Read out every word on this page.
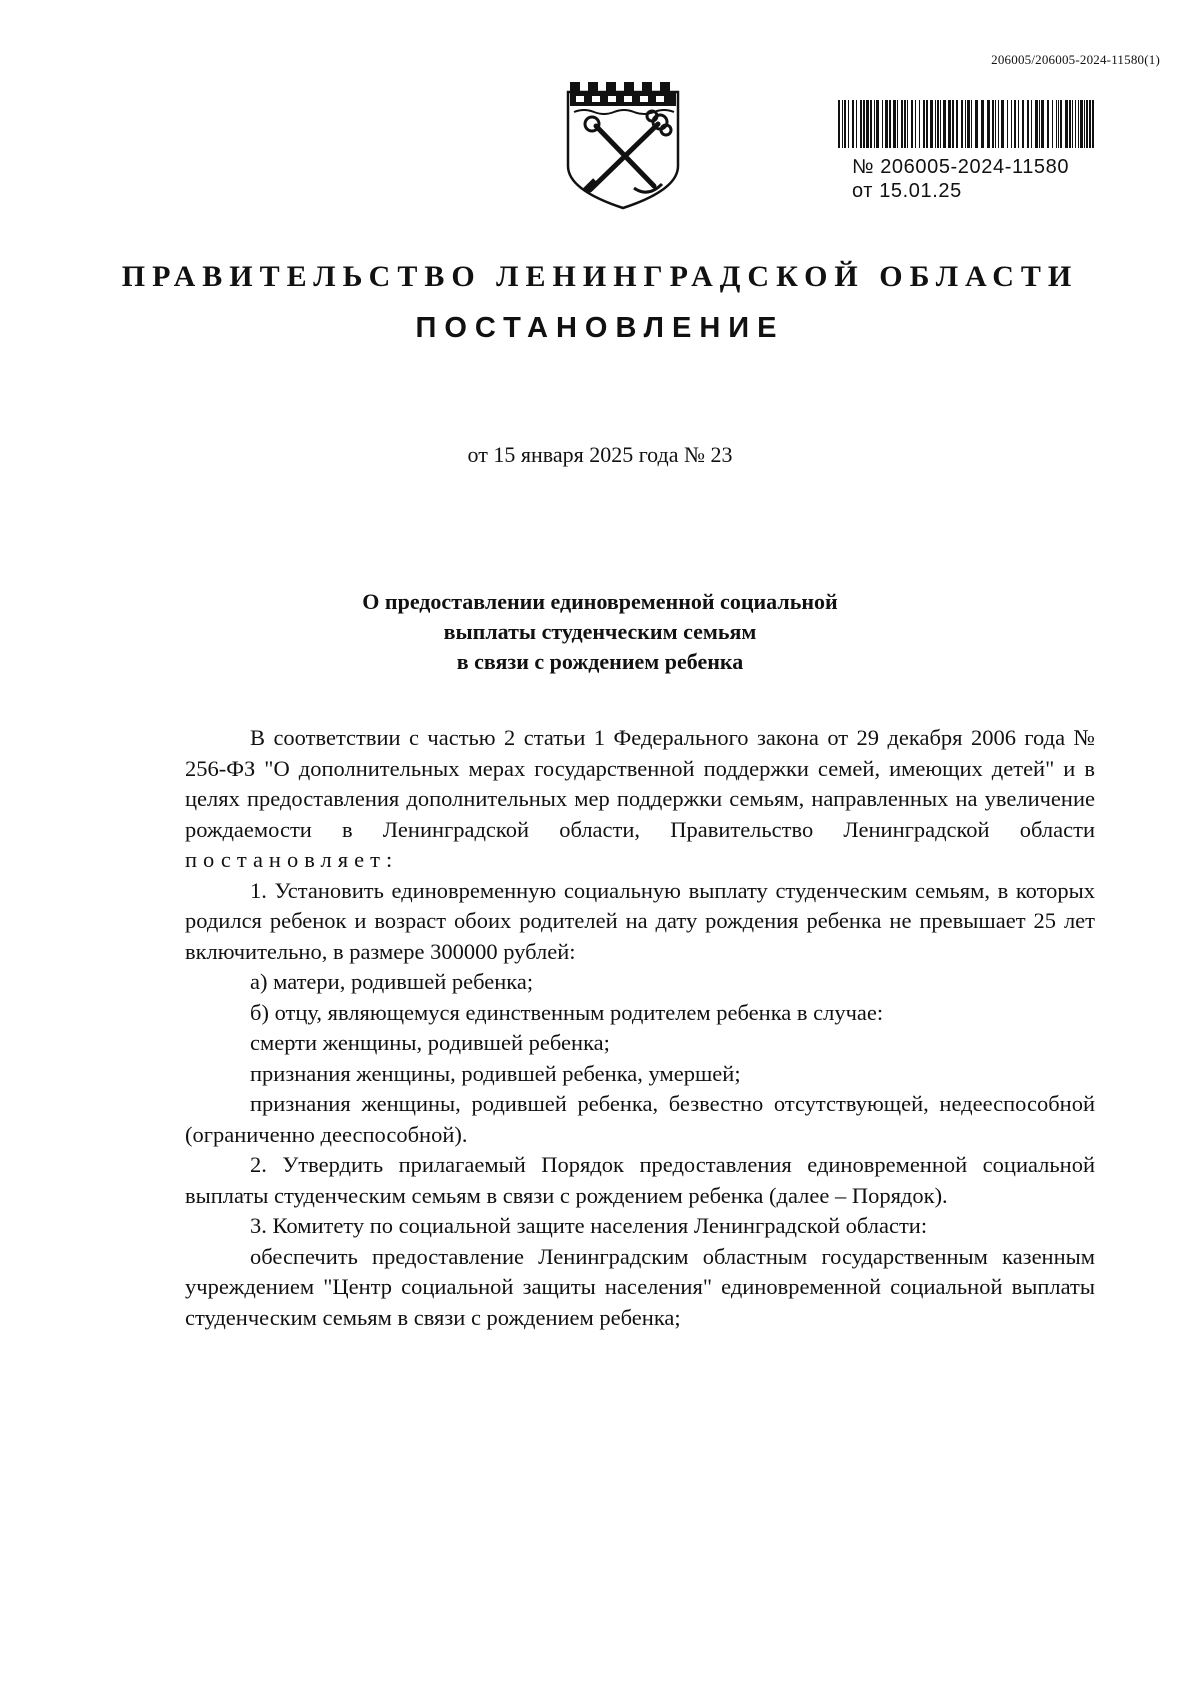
206005/206005-2024-11580(1)
№ 206005-2024-11580
от 15.01.25
ПРАВИТЕЛЬСТВО ЛЕНИНГРАДСКОЙ ОБЛАСТИ
ПОСТАНОВЛЕНИЕ
от 15 января 2025 года № 23
О предоставлении единовременной социальной
выплаты студенческим семьям
в связи с рождением ребенка

В соответствии с частью 2 статьи 1 Федерального закона от 29 декабря 2006 года № 256-ФЗ "О дополнительных мерах государственной поддержки семей, имеющих детей" и в целях предоставления дополнительных мер поддержки семьям, направленных на увеличение рождаемости в Ленинградской области, Правительство Ленинградской области постановляет:

1. Установить единовременную социальную выплату студенческим семьям, в которых родился ребенок и возраст обоих родителей на дату рождения ребенка не превышает 25 лет включительно, в размере 300000 рублей:

а) матери, родившей ребенка;

б) отцу, являющемуся единственным родителем ребенка в случае:

смерти женщины, родившей ребенка;

признания женщины, родившей ребенка, умершей;

признания женщины, родившей ребенка, безвестно отсутствующей, недееспособной (ограниченно дееспособной).

2. Утвердить прилагаемый Порядок предоставления единовременной социальной выплаты студенческим семьям в связи с рождением ребенка (далее – Порядок).

3. Комитету по социальной защите населения Ленинградской области:

обеспечить предоставление Ленинградским областным государственным казенным учреждением "Центр социальной защиты населения" единовременной социальной выплаты студенческим семьям в связи с рождением ребенка;
